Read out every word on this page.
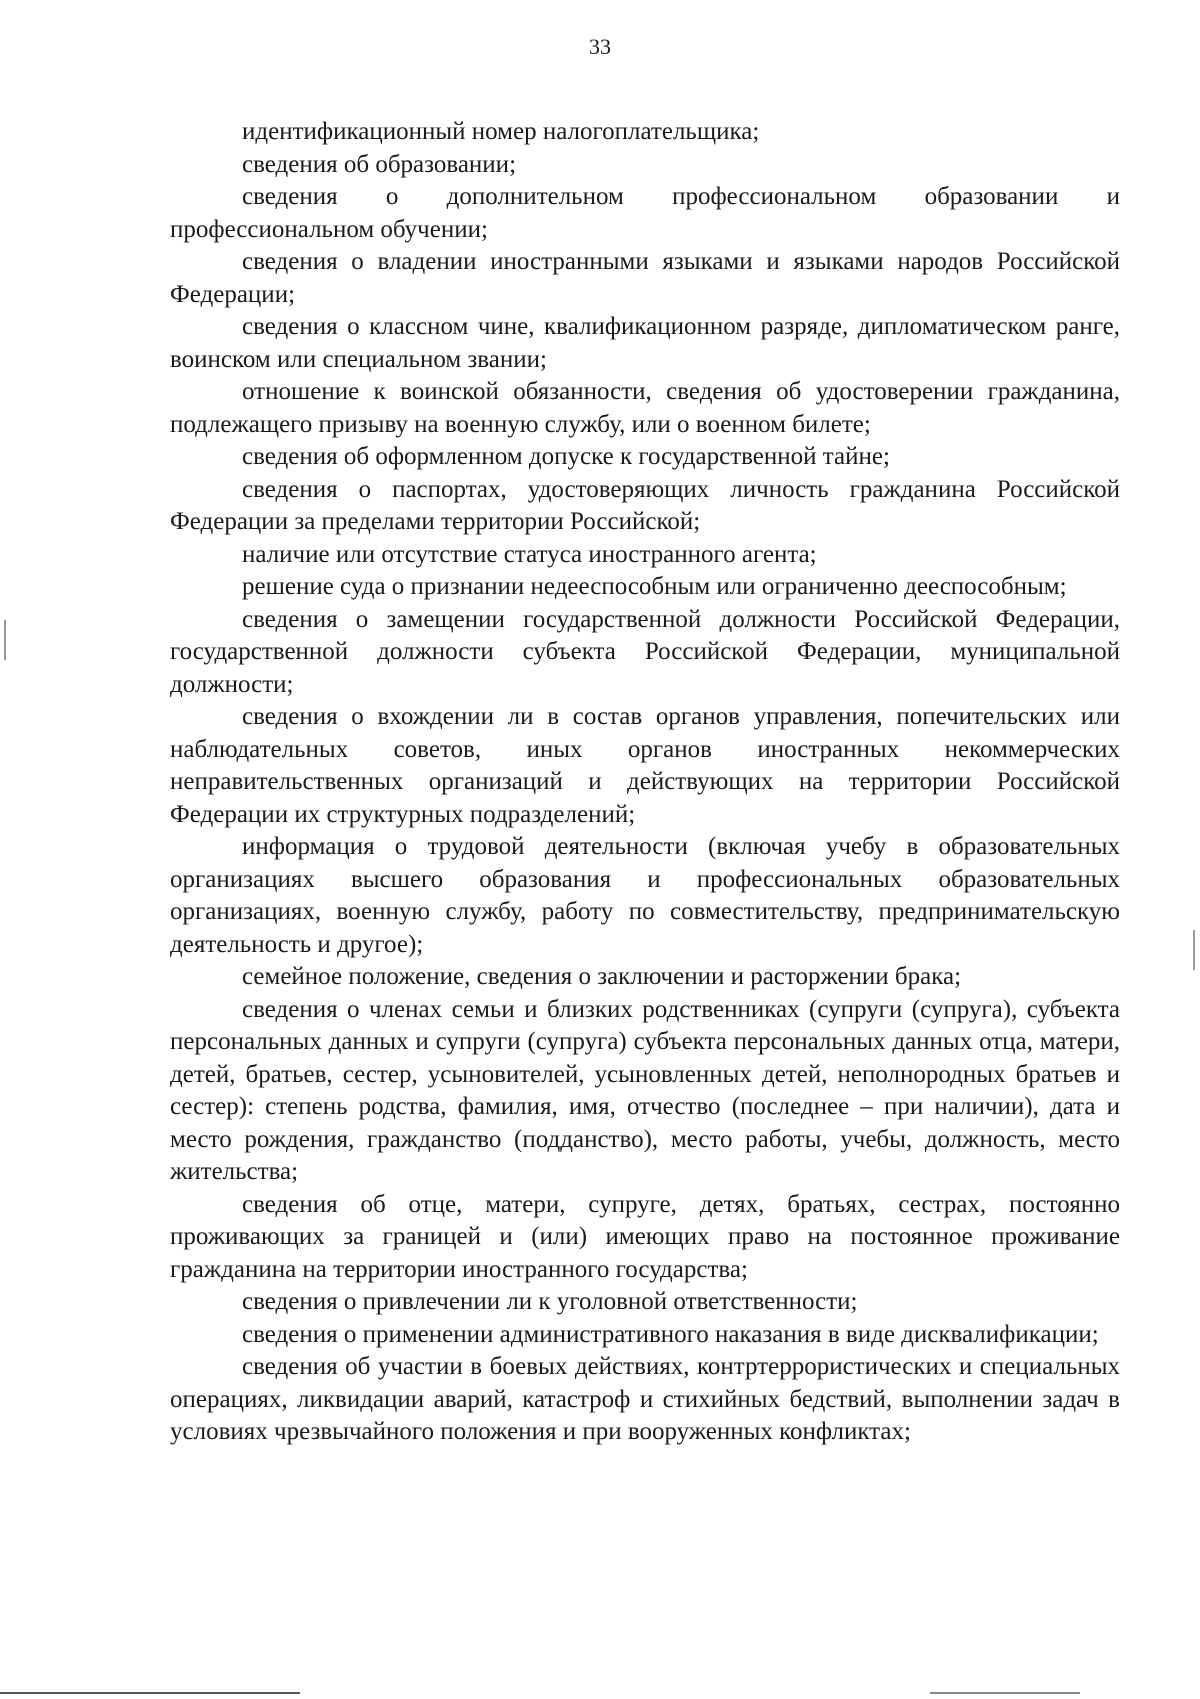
33

идентификационный номер налогоплательщика;

сведения об образовании;

сведения о дополнительном профессиональном образовании и профессиональном обучении;

сведения о владении иностранными языками и языками народов Российской Федерации;

сведения о классном чине, квалификационном разряде, дипломатическом ранге, воинском или специальном звании;

отношение к воинской обязанности, сведения об удостоверении гражданина, подлежащего призыву на военную службу, или о военном билете;

сведения об оформленном допуске к государственной тайне;

сведения о паспортах, удостоверяющих личность гражданина Российской Федерации за пределами территории Российской;

наличие или отсутствие статуса иностранного агента;

решение суда о признании недееспособным или ограниченно дееспособным;

сведения о замещении государственной должности Российской Федерации, государственной должности субъекта Российской Федерации, муниципальной должности;

сведения о вхождении ли в состав органов управления, попечительских или наблюдательных советов, иных органов иностранных некоммерческих неправительственных организаций и действующих на территории Российской Федерации их структурных подразделений;

информация о трудовой деятельности (включая учебу в образовательных организациях высшего образования и профессиональных образовательных организациях, военную службу, работу по совместительству, предпринимательскую деятельность и другое);

семейное положение, сведения о заключении и расторжении брака;

сведения о членах семьи и близких родственниках (супруги (супруга), субъекта персональных данных и супруги (супруга) субъекта персональных данных отца, матери, детей, братьев, сестер, усыновителей, усыновленных детей, неполнородных братьев и сестер): степень родства, фамилия, имя, отчество (последнее – при наличии), дата и место рождения, гражданство (подданство), место работы, учебы, должность, место жительства;

сведения об отце, матери, супруге, детях, братьях, сестрах, постоянно проживающих за границей и (или) имеющих право на постоянное проживание гражданина на территории иностранного государства;

сведения о привлечении ли к уголовной ответственности;

сведения о применении административного наказания в виде дисквалификации;

сведения об участии в боевых действиях, контртеррористических и специальных операциях, ликвидации аварий, катастроф и стихийных бедствий, выполнении задач в условиях чрезвычайного положения и при вооруженных конфликтах;
